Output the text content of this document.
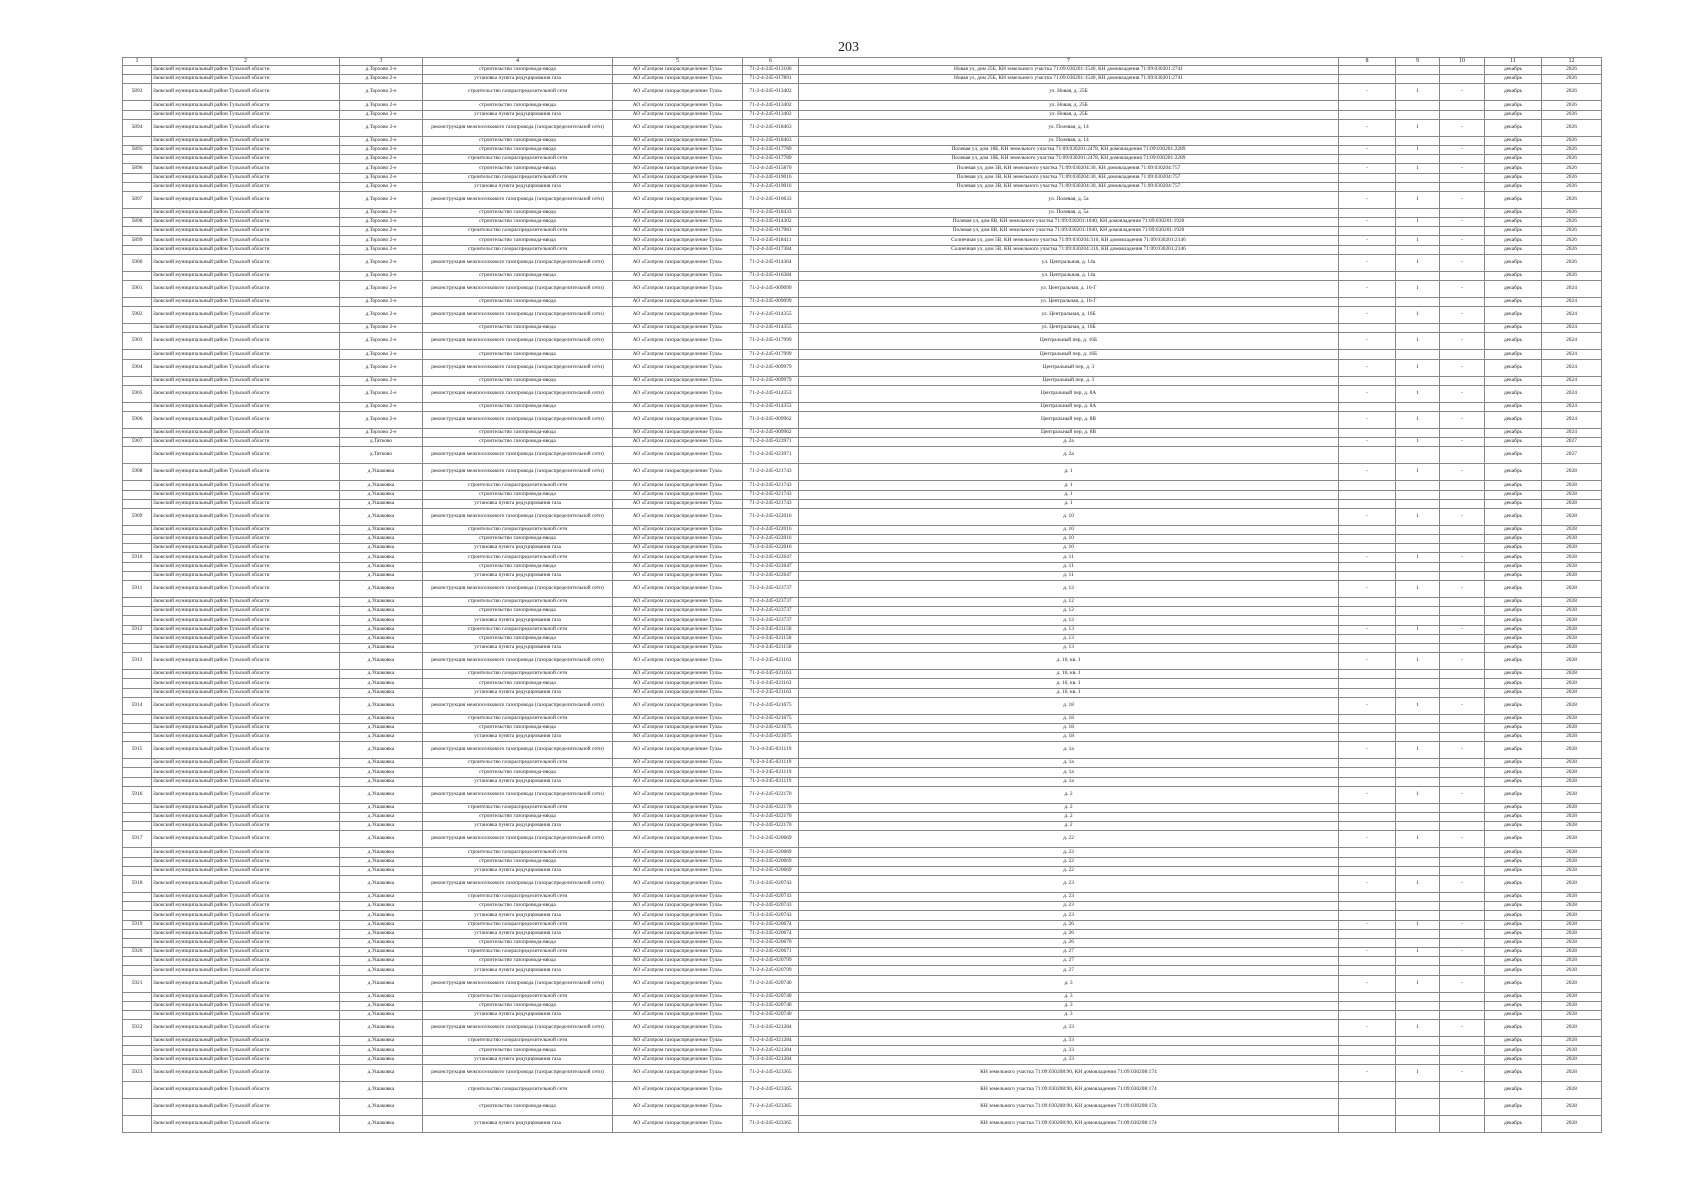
203
1	2	3	4	5	6	7	8	9	10	11	12
	Заокский муниципальный район Тульской области	д.Торхово 2-е	строительство газопровода-ввода	АО «Газпром газораспределение Тула»	71-2-4-245-013106	Новая ул, дом 25Б, КН земельного участка 71:09:030201:1540, КН домовладения 71:09:030201:2741				декабрь	2026
	Заокский муниципальный район Тульской области	д.Торхово 2-е	установка пункта редуцирования газа	АО «Газпром газораспределение Тула»	71-2-4-245-017891	Новая ул, дом 25Б, КН земельного участка 71:09:030201:1540, КН домовладения 71:09:030201:2741				декабрь	2026
5893	Заокский муниципальный район Тульской области	д.Торхово 2-е	строительство газораспределительной сети	АО «Газпром газораспределение Тула»	71-2-4-245-013402	ул. Новая, д. 25Б	-	1	-	декабрь	2026
	Заокский муниципальный район Тульской области	д.Торхово 2-е	строительство газопровода-ввода	АО «Газпром газораспределение Тула»	71-2-4-245-013402	ул. Новая, д. 25Б				декабрь	2026
	Заокский муниципальный район Тульской области	д.Торхово 2-е	установка пункта редуцирования газа	АО «Газпром газораспределение Тула»	71-2-4-245-013402	ул. Новая, д. 25Б				декабрь	2026
5894	Заокский муниципальный район Тульской области	д.Торхово 2-е	реконструкция межпоселкового газопровода (газораспределительной сети)	АО «Газпром газораспределение Тула»	71-2-4-245-018463	ул. Полевая, д. 14	-	1	-	декабрь	2026
	Заокский муниципальный район Тульской области	д.Торхово 2-е	строительство газопровода-ввода	АО «Газпром газораспределение Тула»	71-2-4-245-018463	ул. Полевая, д. 14				декабрь	2026
5895	Заокский муниципальный район Тульской области	д.Торхово 2-е	строительство газопровода-ввода	АО «Газпром газораспределение Тула»	71-2-4-245-017789	Полевая ул, дом 18Б, КН земельного участка 71:09:030201:2478, КН домовладения 71:09:030201:2289	-	1	-	декабрь	2026
	Заокский муниципальный район Тульской области	д.Торхово 2-е	строительство газораспределительной сети	АО «Газпром газораспределение Тула»	71-2-4-245-017789	Полевая ул, дом 18Б, КН земельного участка 71:09:030201:2478, КН домовладения 71:09:030201:2289				декабрь	2026
5896	Заокский муниципальный район Тульской области	д.Торхово 2-е	строительство газопровода-ввода	АО «Газпром газораспределение Тула»	71-2-4-245-015870	Полевая ул, дом 3В, КН земельного участка 71:09:030204:30, КН домовладения 71:09:030204:757	-	1	-	декабрь	2026
	Заокский муниципальный район Тульской области	д.Торхово 2-е	строительство газораспределительной сети	АО «Газпром газораспределение Тула»	71-2-4-245-019016	Полевая ул, дом 3В, КН земельного участка 71:09:030204:30, КН домовладения 71:09:030204:757				декабрь	2026
	Заокский муниципальный район Тульской области	д.Торхово 2-е	установка пункта редуцирования газа	АО «Газпром газораспределение Тула»	71-2-4-245-019016	Полевая ул, дом 3В, КН земельного участка 71:09:030204:30, КН домовладения 71:09:030204:757				декабрь	2026
5897	Заокский муниципальный район Тульской области	д.Торхово 2-е	реконструкция межпоселкового газопровода (газораспределительной сети)	АО «Газпром газораспределение Тула»	71-2-4-245-016633	ул. Полевая, д. 5а	-	1	-	декабрь	2026
	Заокский муниципальный район Тульской области	д.Торхово 2-е	строительство газопровода-ввода	АО «Газпром газораспределение Тула»	71-2-4-245-018433	ул. Полевая, д. 5а				декабрь	2026
5898	Заокский муниципальный район Тульской области	д.Торхово 2-е	строительство газопровода-ввода	АО «Газпром газораспределение Тула»	71-2-4-245-014302	Полевая ул, дом 8В, КН земельного участка 71:09:030201:1040, КН домовладения 71:09:030201:1920	-	1	-	декабрь	2026
	Заокский муниципальный район Тульской области	д.Торхово 2-е	строительство газораспределительной сети	АО «Газпром газораспределение Тула»	71-2-4-245-017983	Полевая ул, дом 8В, КН земельного участка 71:09:030201:1040, КН домовладения 71:09:030201:1920				декабрь	2026
5899	Заокский муниципальный район Тульской области	д.Торхово 2-е	строительство газопровода-ввода	АО «Газпром газораспределение Тула»	71-2-4-245-018411	Солнечная ул, дом 5В, КН земельного участка 71:09:030204:316, КН домовладения 71:09:030201:2146	-	1	-	декабрь	2026
	Заокский муниципальный район Тульской области	д.Торхово 2-е	строительство газораспределительной сети	АО «Газпром газораспределение Тула»	71-2-4-245-017384	Солнечная ул, дом 5В, КН земельного участка 71:09:030204:316, КН домовладения 71:09:030201:2146				декабрь	2026
5900	Заокский муниципальный район Тульской области	д.Торхово 2-е	реконструкция межпоселкового газопровода (газораспределительной сети)	АО «Газпром газораспределение Тула»	71-2-4-245-014364	ул. Центральная, д. 14а	-	1	-	декабрь	2026
	Заокский муниципальный район Тульской области	д.Торхово 2-е	строительство газопровода-ввода	АО «Газпром газораспределение Тула»	71-2-4-245-016384	ул. Центральная, д. 14а				декабрь	2026
5901	Заокский муниципальный район Тульской области	д.Торхово 2-е	реконструкция межпоселкового газопровода (газораспределительной сети)	АО «Газпром газораспределение Тула»	71-2-4-245-009099	ул. Центральная, д. 16-Г	-	1	-	декабрь	2024
	Заокский муниципальный район Тульской области	д.Торхово 2-е	строительство газопровода-ввода	АО «Газпром газораспределение Тула»	71-2-4-245-009099	ул. Центральная, д. 16-Г				декабрь	2024
5902	Заокский муниципальный район Тульской области	д.Торхово 2-е	реконструкция межпоселкового газопровода (газораспределительной сети)	АО «Газпром газораспределение Тула»	71-2-4-245-014355	ул. Центральная, д. 16Б	-	1	-	декабрь	2024
	Заокский муниципальный район Тульской области	д.Торхово 2-е	строительство газопровода-ввода	АО «Газпром газораспределение Тула»	71-2-4-245-014355	ул. Центральная, д. 16Б				декабрь	2024
5903	Заокский муниципальный район Тульской области	д.Торхово 2-е	реконструкция межпоселкового газопровода (газораспределительной сети)	АО «Газпром газораспределение Тула»	71-2-4-245-017999	Центральный пер, д. 16Б	-	1	-	декабрь	2024
	Заокский муниципальный район Тульской области	д.Торхово 2-е	строительство газопровода-ввода	АО «Газпром газораспределение Тула»	71-2-4-245-017999	Центральный пер, д. 16Б				декабрь	2024
5904	Заокский муниципальный район Тульской области	д.Торхово 2-е	реконструкция межпоселкового газопровода (газораспределительной сети)	АО «Газпром газораспределение Тула»	71-2-4-245-009979	Центральный пер, д. 3	-	1	-	декабрь	2024
	Заокский муниципальный район Тульской области	д.Торхово 2-е	строительство газопровода-ввода	АО «Газпром газораспределение Тула»	71-2-4-245-009979	Центральный пер, д. 3				декабрь	2024
5905	Заокский муниципальный район Тульской области	д.Торхово 2-е	реконструкция межпоселкового газопровода (газораспределительной сети)	АО «Газпром газораспределение Тула»	71-2-4-245-014353	Центральный пер, д. 8А	-	1	-	декабрь	2024
	Заокский муниципальный район Тульской области	д.Торхово 2-е	строительство газопровода-ввода	АО «Газпром газораспределение Тула»	71-2-4-245-014353	Центральный пер, д. 8А				декабрь	2024
5906	Заокский муниципальный район Тульской области	д.Торхово 2-е	реконструкция межпоселкового газопровода (газораспределительной сети)	АО «Газпром газораспределение Тула»	71-2-4-245-009962	Центральный пер, д. 8В	-	1	-	декабрь	2024
	Заокский муниципальный район Тульской области	д.Торхово 2-е	строительство газопровода-ввода	АО «Газпром газораспределение Тула»	71-2-4-245-009962	Центральный пер, д. 8В				декабрь	2024
5907	Заокский муниципальный район Тульской области	д.Тятково	строительство газопровода-ввода	АО «Газпром газораспределение Тула»	71-2-4-245-023971	д. 2а	-	1	-	декабрь	2027
	Заокский муниципальный район Тульской области	д.Тятково	реконструкция межпоселкового газопровода (газораспределительной сети)	АО «Газпром газораспределение Тула»	71-2-4-245-023971	д. 2а				декабрь	2027
5908	Заокский муниципальный район Тульской области	д.Ушаковка	реконструкция межпоселкового газопровода (газораспределительной сети)	АО «Газпром газораспределение Тула»	71-2-4-245-021743	д. 1	-	1	-	декабрь	2028
	Заокский муниципальный район Тульской области	д.Ушаковка	строительство газораспределительной сети	АО «Газпром газораспределение Тула»	71-2-4-245-021743	д. 1				декабрь	2028
	Заокский муниципальный район Тульской области	д.Ушаковка	строительство газопровода-ввода	АО «Газпром газораспределение Тула»	71-2-4-245-021743	д. 1				декабрь	2028
	Заокский муниципальный район Тульской области	д.Ушаковка	установка пункта редуцирования газа	АО «Газпром газораспределение Тула»	71-2-4-245-021743	д. 1				декабрь	2028
5909	Заокский муниципальный район Тульской области	д.Ушаковка	реконструкция межпоселкового газопровода (газораспределительной сети)	АО «Газпром газораспределение Тула»	71-2-4-245-022016	д. 10	-	1	-	декабрь	2028
	Заокский муниципальный район Тульской области	д.Ушаковка	строительство газораспределительной сети	АО «Газпром газораспределение Тула»	71-2-4-245-022016	д. 10				декабрь	2028
	Заокский муниципальный район Тульской области	д.Ушаковка	строительство газопровода-ввода	АО «Газпром газораспределение Тула»	71-2-4-245-022016	д. 10				декабрь	2028
	Заокский муниципальный район Тульской области	д.Ушаковка	установка пункта редуцирования газа	АО «Газпром газораспределение Тула»	71-2-4-245-022016	д. 10				декабрь	2028
5910	Заокский муниципальный район Тульской области	д.Ушаковка	строительство газораспределительной сети	АО «Газпром газораспределение Тула»	71-2-4-245-022647	д. 11	-	1	-	декабрь	2028
	Заокский муниципальный район Тульской области	д.Ушаковка	строительство газопровода-ввода	АО «Газпром газораспределение Тула»	71-2-4-245-022647	д. 11				декабрь	2028
	Заокский муниципальный район Тульской области	д.Ушаковка	установка пункта редуцирования газа	АО «Газпром газораспределение Тула»	71-2-4-245-022647	д. 11				декабрь	2028
5911	Заокский муниципальный район Тульской области	д.Ушаковка	реконструкция межпоселкового газопровода (газораспределительной сети)	АО «Газпром газораспределение Тула»	71-2-4-245-023737	д. 12	-	1	-	декабрь	2028
	Заокский муниципальный район Тульской области	д.Ушаковка	строительство газораспределительной сети	АО «Газпром газораспределение Тула»	71-2-4-245-023737	д. 12				декабрь	2028
	Заокский муниципальный район Тульской области	д.Ушаковка	строительство газопровода-ввода	АО «Газпром газораспределение Тула»	71-2-4-245-023737	д. 12				декабрь	2028
	Заокский муниципальный район Тульской области	д.Ушаковка	установка пункта редуцирования газа	АО «Газпром газораспределение Тула»	71-2-4-245-023737	д. 12				декабрь	2028
5912	Заокский муниципальный район Тульской области	д.Ушаковка	строительство газораспределительной сети	АО «Газпром газораспределение Тула»	71-2-4-245-021150	д. 13	-	1	-	декабрь	2028
	Заокский муниципальный район Тульской области	д.Ушаковка	строительство газопровода-ввода	АО «Газпром газораспределение Тула»	71-2-4-245-021150	д. 13				декабрь	2028
	Заокский муниципальный район Тульской области	д.Ушаковка	установка пункта редуцирования газа	АО «Газпром газораспределение Тула»	71-2-4-245-021150	д. 13				декабрь	2028
5913	Заокский муниципальный район Тульской области	д.Ушаковка	реконструкция межпоселкового газопровода (газораспределительной сети)	АО «Газпром газораспределение Тула»	71-2-4-245-021163	д. 16, кв. 1	-	1	-	декабрь	2028
	Заокский муниципальный район Тульской области	д.Ушаковка	строительство газораспределительной сети	АО «Газпром газораспределение Тула»	71-2-4-245-021163	д. 16, кв. 1				декабрь	2028
	Заокский муниципальный район Тульской области	д.Ушаковка	строительство газопровода-ввода	АО «Газпром газораспределение Тула»	71-2-4-245-021163	д. 16, кв. 1				декабрь	2028
	Заокский муниципальный район Тульской области	д.Ушаковка	установка пункта редуцирования газа	АО «Газпром газораспределение Тула»	71-2-4-245-021163	д. 16, кв. 1				декабрь	2028
5914	Заокский муниципальный район Тульской области	д.Ушаковка	реконструкция межпоселкового газопровода (газораспределительной сети)	АО «Газпром газораспределение Тула»	71-2-4-245-021675	д. 18	-	1	-	декабрь	2028
	Заокский муниципальный район Тульской области	д.Ушаковка	строительство газораспределительной сети	АО «Газпром газораспределение Тула»	71-2-4-245-021675	д. 18				декабрь	2028
	Заокский муниципальный район Тульской области	д.Ушаковка	строительство газопровода-ввода	АО «Газпром газораспределение Тула»	71-2-4-245-021675	д. 18				декабрь	2028
	Заокский муниципальный район Тульской области	д.Ушаковка	установка пункта редуцирования газа	АО «Газпром газораспределение Тула»	71-2-4-245-021675	д. 18				декабрь	2028
5915	Заокский муниципальный район Тульской области	д.Ушаковка	реконструкция межпоселкового газопровода (газораспределительной сети)	АО «Газпром газораспределение Тула»	71-2-4-245-021119	д. 1а	-	1	-	декабрь	2028
	Заокский муниципальный район Тульской области	д.Ушаковка	строительство газораспределительной сети	АО «Газпром газораспределение Тула»	71-2-4-245-021119	д. 1а				декабрь	2028
	Заокский муниципальный район Тульской области	д.Ушаковка	строительство газопровода-ввода	АО «Газпром газораспределение Тула»	71-2-4-245-021119	д. 1а				декабрь	2028
	Заокский муниципальный район Тульской области	д.Ушаковка	установка пункта редуцирования газа	АО «Газпром газораспределение Тула»	71-2-4-245-021119	д. 1а				декабрь	2028
5916	Заокский муниципальный район Тульской области	д.Ушаковка	реконструкция межпоселкового газопровода (газораспределительной сети)	АО «Газпром газораспределение Тула»	71-2-4-245-022170	д. 2	-	1	-	декабрь	2028
	Заокский муниципальный район Тульской области	д.Ушаковка	строительство газораспределительной сети	АО «Газпром газораспределение Тула»	71-2-4-245-022170	д. 2				декабрь	2028
	Заокский муниципальный район Тульской области	д.Ушаковка	строительство газопровода-ввода	АО «Газпром газораспределение Тула»	71-2-4-245-022170	д. 2				декабрь	2028
	Заокский муниципальный район Тульской области	д.Ушаковка	установка пункта редуцирования газа	АО «Газпром газораспределение Тула»	71-2-4-245-022170	д. 2				декабрь	2028
5917	Заокский муниципальный район Тульской области	д.Ушаковка	реконструкция межпоселкового газопровода (газораспределительной сети)	АО «Газпром газораспределение Тула»	71-2-4-245-020669	д. 22	-	1	-	декабрь	2028
	Заокский муниципальный район Тульской области	д.Ушаковка	строительство газораспределительной сети	АО «Газпром газораспределение Тула»	71-2-4-245-020669	д. 22				декабрь	2028
	Заокский муниципальный район Тульской области	д.Ушаковка	строительство газопровода-ввода	АО «Газпром газораспределение Тула»	71-2-4-245-020669	д. 22				декабрь	2028
	Заокский муниципальный район Тульской области	д.Ушаковка	установка пункта редуцирования газа	АО «Газпром газораспределение Тула»	71-2-4-245-020669	д. 22				декабрь	2028
5918	Заокский муниципальный район Тульской области	д.Ушаковка	реконструкция межпоселкового газопровода (газораспределительной сети)	АО «Газпром газораспределение Тула»	71-2-4-245-020743	д. 23	-	1	-	декабрь	2028
	Заокский муниципальный район Тульской области	д.Ушаковка	строительство газораспределительной сети	АО «Газпром газораспределение Тула»	71-2-4-245-020743	д. 23				декабрь	2028
	Заокский муниципальный район Тульской области	д.Ушаковка	строительство газопровода-ввода	АО «Газпром газораспределение Тула»	71-2-4-245-020743	д. 23				декабрь	2028
	Заокский муниципальный район Тульской области	д.Ушаковка	установка пункта редуцирования газа	АО «Газпром газораспределение Тула»	71-2-4-245-020743	д. 23				декабрь	2028
5919	Заокский муниципальный район Тульской области	д.Ушаковка	строительство газораспределительной сети	АО «Газпром газораспределение Тула»	71-2-4-245-020674	д. 26	-	1	-	декабрь	2028
	Заокский муниципальный район Тульской области	д.Ушаковка	установка пункта редуцирования газа	АО «Газпром газораспределение Тула»	71-2-4-245-020674	д. 26				декабрь	2028
	Заокский муниципальный район Тульской области	д.Ушаковка	строительство газопровода-ввода	АО «Газпром газораспределение Тула»	71-2-4-245-020670	д. 26				декабрь	2028
5920	Заокский муниципальный район Тульской области	д.Ушаковка	строительство газораспределительной сети	АО «Газпром газораспределение Тула»	71-2-4-245-020671	д. 27	-	1	-	декабрь	2028
	Заокский муниципальный район Тульской области	д.Ушаковка	строительство газопровода-ввода	АО «Газпром газораспределение Тула»	71-2-4-245-020799	д. 27				декабрь	2028
	Заокский муниципальный район Тульской области	д.Ушаковка	установка пункта редуцирования газа	АО «Газпром газораспределение Тула»	71-2-4-245-020799	д. 27				декабрь	2028
5921	Заокский муниципальный район Тульской области	д.Ушаковка	реконструкция межпоселкового газопровода (газораспределительной сети)	АО «Газпром газораспределение Тула»	71-2-4-245-020740	д. 3	-	1	-	декабрь	2028
	Заокский муниципальный район Тульской области	д.Ушаковка	строительство газораспределительной сети	АО «Газпром газораспределение Тула»	71-2-4-245-020740	д. 3				декабрь	2028
	Заокский муниципальный район Тульской области	д.Ушаковка	строительство газопровода-ввода	АО «Газпром газораспределение Тула»	71-2-4-245-020740	д. 3				декабрь	2028
	Заокский муниципальный район Тульской области	д.Ушаковка	установка пункта редуцирования газа	АО «Газпром газораспределение Тула»	71-2-4-245-020740	д. 3				декабрь	2028
5922	Заокский муниципальный район Тульской области	д.Ушаковка	реконструкция межпоселкового газопровода (газораспределительной сети)	АО «Газпром газораспределение Тула»	71-2-4-245-021284	д. 33	-	1	-	декабрь	2028
	Заокский муниципальный район Тульской области	д.Ушаковка	строительство газораспределительной сети	АО «Газпром газораспределение Тула»	71-2-4-245-021284	д. 33				декабрь	2028
	Заокский муниципальный район Тульской области	д.Ушаковка	строительство газопровода-ввода	АО «Газпром газораспределение Тула»	71-2-4-245-021284	д. 33				декабрь	2028
	Заокский муниципальный район Тульской области	д.Ушаковка	установка пункта редуцирования газа	АО «Газпром газораспределение Тула»	71-2-4-245-021284	д. 33				декабрь	2028
5923	Заокский муниципальный район Тульской области	д.Ушаковка	реконструкция межпоселкового газопровода (газораспределительной сети)	АО «Газпром газораспределение Тула»	71-2-4-245-023365	КН земельного участка 71:09:030208:90, КН домовладения 71:09:030208:174	-	1	-	декабрь	2028
	Заокский муниципальный район Тульской области	д.Ушаковка	строительство газораспределительной сети	АО «Газпром газораспределение Тула»	71-2-4-245-023365	КН земельного участка 71:09:030208:90, КН домовладения 71:09:030208:174				декабрь	2028
	Заокский муниципальный район Тульской области	д.Ушаковка	строительство газопровода-ввода	АО «Газпром газораспределение Тула»	71-2-4-245-023365	КН земельного участка 71:09:030208:90, КН домовладения 71:09:030208:174				декабрь	2028
	Заокский муниципальный район Тульской области	д.Ушаковка	установка пункта редуцирования газа	АО «Газпром газораспределение Тула»	71-2-4-245-023365	КН земельного участка 71:09:030208:90, КН домовладения 71:09:030208:174				декабрь	2028
